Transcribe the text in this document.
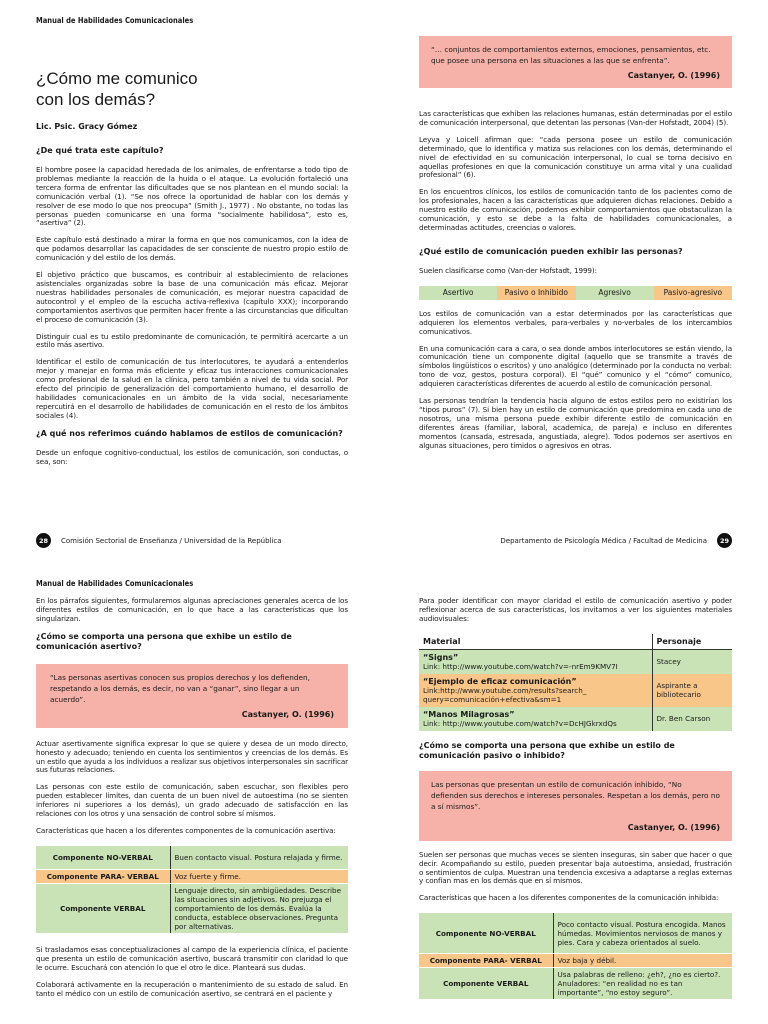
Manual de Habilidades Comunicacionales
¿Cómo me comunico
con los demás?
Lic. Psic. Gracy Gómez
¿De qué trata este capítulo?

El hombre posee la capacidad heredada de los animales, de enfrentarse a todo tipo de problemas mediante la reacción de la huida o el ataque. La evolución fortaleció una tercera forma de enfrentar las dificultades que se nos plantean en el mundo social: la comunicación verbal (1). “Se nos ofrece la oportunidad de hablar con los demás y resolver de ese modo lo que nos preocupa” (Smith J., 1977) . No obstante, no todas las personas pueden comunicarse en una forma “socialmente habilidosa”, esto es, “asertiva” (2).

Este capítulo está destinado a mirar la forma en que nos comunicamos, con la idea de que podamos desarrollar las capacidades de ser consciente de nuestro propio estilo de comunicación y del estilo de los demás.

El objetivo práctico que buscamos, es contribuir al establecimiento de relaciones asistenciales organizadas sobre la base de una comunicación más eficaz. Mejorar nuestras habilidades personales de comunicación, es mejorar nuestra capacidad de autocontrol y el empleo de la escucha activa-reflexiva (capítulo XXX); incorporando comportamientos asertivos que permiten hacer frente a las circunstancias que dificultan el proceso de comunicación (3).

Distinguir cual es tu estilo predominante de comunicación, te permitirá acercarte a un estilo más asertivo.

Identificar el estilo de comunicación de tus interlocutores, te ayudará a entenderlos mejor y manejar en forma más eficiente y eficaz tus interacciones comunicacionales como profesional de la salud en la clínica, pero también a nivel de tu vida social. Por efecto del principio de generalización del comportamiento humano, el desarrollo de habilidades comunicacionales en un ámbito de la vida social, necesariamente repercutirá en el desarrollo de habilidades de comunicación en el resto de los ámbitos sociales (4).

¿A qué nos referimos cuándo hablamos de estilos de comunicación?

Desde un enfoque cognitivo-conductual, los estilos de comunicación, son conductas, o sea, son:

28	Comisión Sectorial de Enseñanza / Universidad de la República
“… conjuntos de comportamientos externos, emociones, pensamientos, etc. que posee una persona en las situaciones a las que se enfrenta”.
Castanyer, O. (1996)

Las características que exhiben las relaciones humanas, están determinadas por el estilo de comunicación interpersonal, que detentan las personas (Van-der Hofstadt, 2004) (5).

Leyva y Loicell afirman que: “cada persona posee un estilo de comunicación determinado, que lo identifica y matiza sus relaciones con los demás, determinando el nivel de efectividad en su comunicación interpersonal, lo cual se torna decisivo en aquellas profesiones en que la comunicación constituye un arma vital y una cualidad profesional” (6).

En los encuentros clínicos, los estilos de comunicación tanto de los pacientes como de los profesionales, hacen a las características que adquieren dichas relaciones. Debido a nuestro estilo de comunicación, podemos exhibir comportamientos que obstaculizan la comunicación, y esto se debe a la falta de habilidades comunicacionales, a determinadas actitudes, creencias o valores.

¿Qué estilo de comunicación pueden exhibir las personas?

Suelen clasificarse como (Van-der Hofstadt, 1999):

Asertivo	Pasivo o Inhibido	Agresivo	Pasivo-agresivo

Los estilos de comunicación van a estar determinados por las características que adquieren los elementos verbales, para-verbales y no-verbales de los intercambios comunicativos.

En una comunicación cara a cara, o sea donde ambos interlocutores se están viendo, la comunicación tiene un componente digital (aquello que se transmite a través de símbolos lingüísticos o escritos) y uno analógico (determinado por la conducta no verbal: tono de voz, gestos, postura corporal). El “qué” comunico y el “cómo” comunico, adquieren características diferentes de acuerdo al estilo de comunicación personal.

Las personas tendrían la tendencia hacia alguno de estos estilos pero no existirían los “tipos puros” (7). Si bien hay un estilo de comunicación que predomina en cada uno de nosotros, una misma persona puede exhibir diferente estilo de comunicación en diferentes áreas (familiar, laboral, academica, de pareja) e incluso en diferentes momentos (cansada, estresada, angustiada, alegre). Todos podemos ser asertivos en algunas situaciones, pero tímidos o agresivos en otras.

Departamento de Psicología Médica / Facultad de Medicina	29
Manual de Habilidades Comunicacionales

En los párrafos siguientes, formularemos algunas apreciaciones generales acerca de los diferentes estilos de comunicación, en lo que hace a las características que los singularizan.

¿Cómo se comporta una persona que exhibe un estilo de comunicación asertivo?
“Las personas asertivas conocen sus propios derechos y los defienden, respetando a los demás, es decir, no van a “ganar”, sino llegar a un acuerdo”.
Castanyer, O. (1996)

Actuar asertivamente significa expresar lo que se quiere y desea de un modo directo, honesto y adecuado; teniendo en cuenta los sentimientos y creencias de los demás. Es un estilo que ayuda a los individuos a realizar sus objetivos interpersonales sin sacrificar sus futuras relaciones.

Las personas con este estilo de comunicación, saben escuchar, son flexibles pero pueden establecer límites, dan cuenta de un buen nivel de autoestima (no se sienten inferiores ni superiores a los demás), un grado adecuado de satisfacción en las relaciones con los otros y una sensación de control sobre sí mismos.

Características que hacen a los diferentes componentes de la comunicación asertiva:

Componente NO-VERBAL	Buen contacto visual. Postura relajada y firme.
Componente PARA- VERBAL	Voz fuerte y firme.
Componente VERBAL	Lenguaje directo, sin ambigüedades. Describe las situaciones sin adjetivos. No prejuzga el comportamiento de los demás. Evalúa la conducta, establece observaciones. Pregunta por alternativas.

Si trasladamos esas conceptualizaciones al campo de la experiencia clínica, el paciente que presenta un estilo de comunicación asertivo, buscará transmitir con claridad lo que le ocurre. Escuchará con atención lo que el otro le dice. Planteará sus dudas.

Colaborará activamente en la recuperación o mantenimiento de su estado de salud. En tanto el médico con un estilo de comunicación asertivo, se centrará en el paciente y

Para poder identificar con mayor claridad el estilo de comunicación asertivo y poder reflexionar acerca de sus características, los invitamos a ver los siguientes materiales audiovisuales:

Material	Personaje

“Signs”
Link: http://www.youtube.com/watch?v=-nrEm9KMV7I	Stacey

“Ejemplo de eficaz comunicación”
Link:http://www.youtube.com/results?search_ query=comunicación+efectiva&sm=1	Aspirante a bibliotecario

“Manos Milagrosas”
Link: http://www.youtube.com/watch?v=DcHJGkrxdQs	Dr. Ben Carson
¿Cómo se comporta una persona que exhibe un estilo de comunicación pasivo o inhibido?
Las personas que presentan un estilo de comunicación inhibido, “No defienden sus derechos e intereses personales. Respetan a los demás, pero no a sí mismos”.
Castanyer, O. (1996)

Suelen ser personas que muchas veces se sienten inseguras, sin saber que hacer o que decir. Acompañando su estilo, pueden presentar baja autoestima, ansiedad, frustración o sentimientos de culpa. Muestran una tendencia excesiva a adaptarse a reglas externas y confían mas en los demás que en sí mismos.

Características que hacen a los diferentes componentes de la comunicación inhibida:

Componente NO-VERBAL	Poco contacto visual. Postura encogida. Manos húmedas. Movimientos nerviosos de manos y pies. Cara y cabeza orientados al suelo.
Componente PARA- VERBAL	Voz baja y débil.
Componente VERBAL	Usa palabras de relleno: ¿eh?, ¿no es cierto?. Anuladores: “en realidad no es tan importante”, “no estoy seguro”.
